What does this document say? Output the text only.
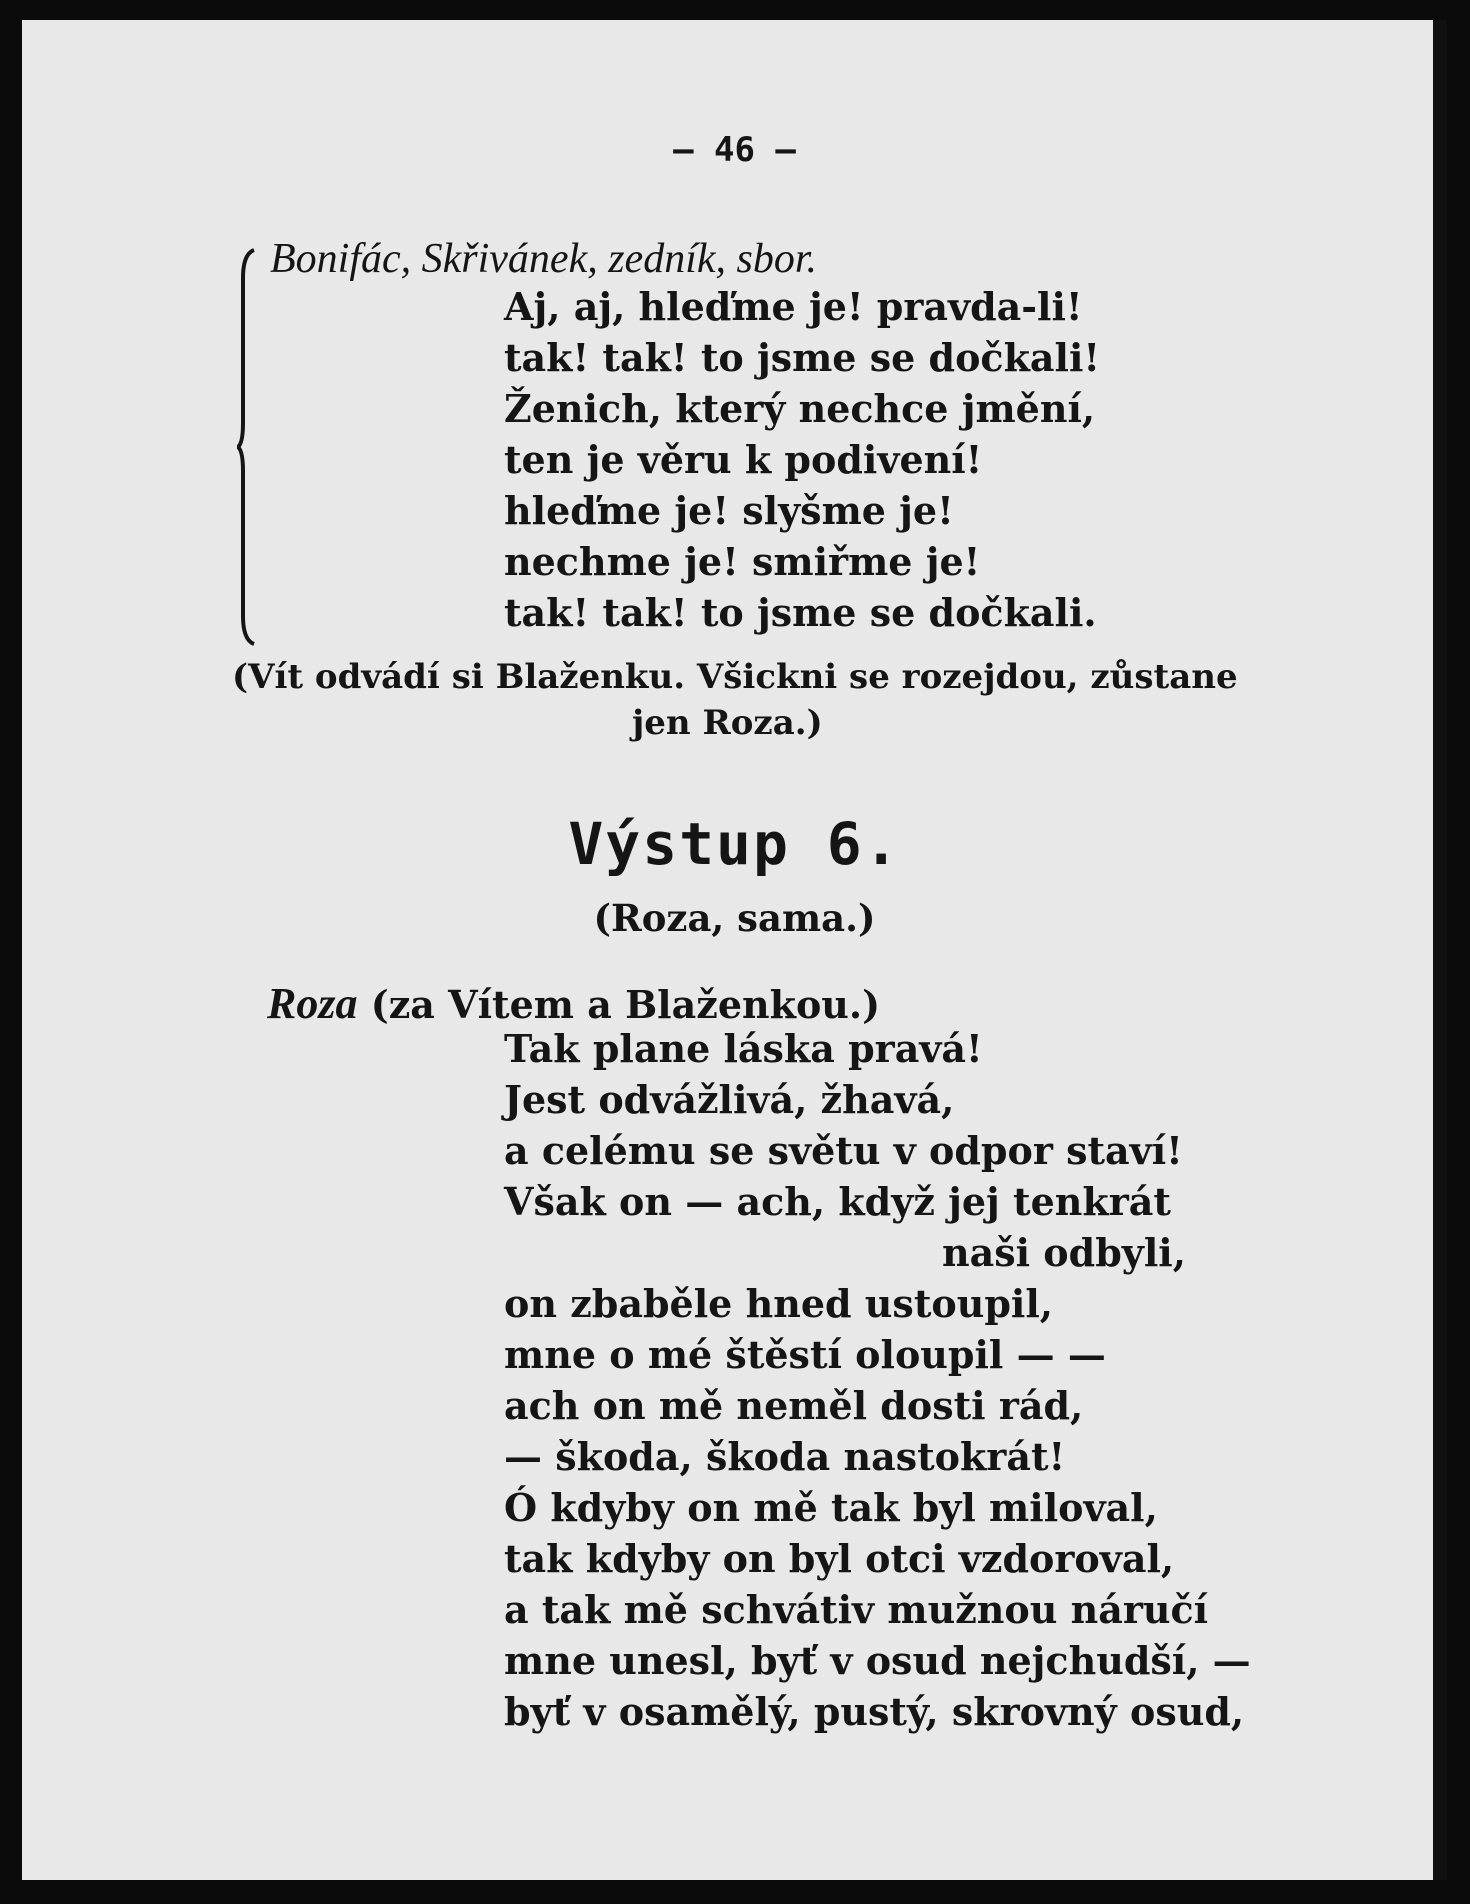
— 46 —
Bonifác, Skřivánek, zedník, sbor.
Aj, aj, hleďme je! pravda-li!
tak! tak! to jsme se dočkali!
Ženich, který nechce jmění,
ten je věru k podivení!
hleďme je! slyšme je!
nechme je! smiřme je!
tak! tak! to jsme se dočkali.
(Vít odvádí si Blaženku. Všickni se rozejdou, zůstane
jen Roza.)
Výstup 6.
(Roza, sama.)
Roza (za Vítem a Blaženkou.)
Tak plane láska pravá!
Jest odvážlivá, žhavá,
a celému se světu v odpor staví!
Však on — ach, když jej tenkrát
naši odbyli,
on zbaběle hned ustoupil,
mne o mé štěstí oloupil — —
ach on mě neměl dosti rád,
— škoda, škoda nastokrát!
Ó kdyby on mě tak byl miloval,
tak kdyby on byl otci vzdoroval,
a tak mě schvátiv mužnou náručí
mne unesl, byť v osud nejchudší, —
byť v osamělý, pustý, skrovný osud,
